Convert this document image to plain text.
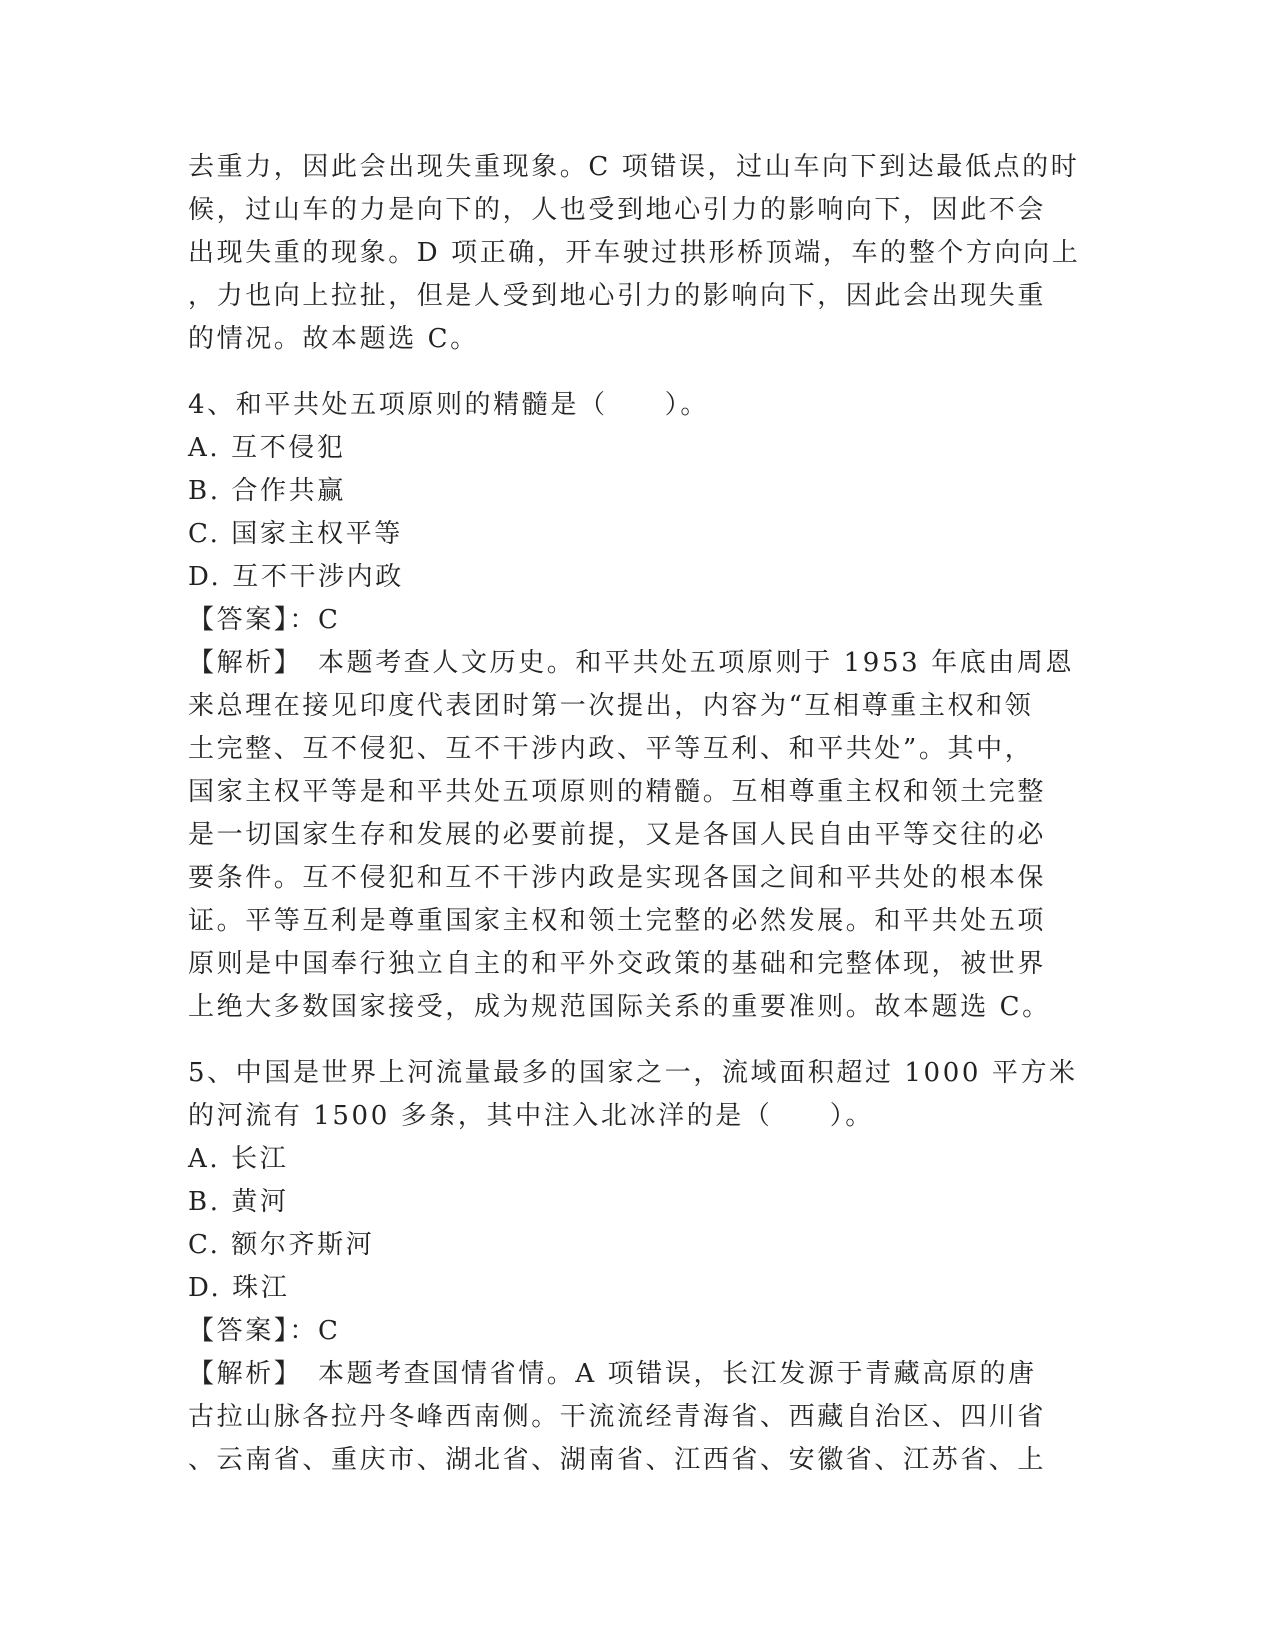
去重力，因此会出现失重现象。C 项错误，过山车向下到达最低点的时

候，过山车的力是向下的，人也受到地心引力的影响向下，因此不会

出现失重的现象。D 项正确，开车驶过拱形桥顶端，车的整个方向向上

，力也向上拉扯，但是人受到地心引力的影响向下，因此会出现失重

的情况。故本题选 C。

4、和平共处五项原则的精髓是（　　）。

A. 互不侵犯

B. 合作共赢

C. 国家主权平等

D. 互不干涉内政

【答案】：C

【解析】　本题考查人文历史。和平共处五项原则于 1953 年底由周恩

来总理在接见印度代表团时第一次提出，内容为“互相尊重主权和领

土完整、互不侵犯、互不干涉内政、平等互利、和平共处”。其中，

国家主权平等是和平共处五项原则的精髓。互相尊重主权和领土完整

是一切国家生存和发展的必要前提，又是各国人民自由平等交往的必

要条件。互不侵犯和互不干涉内政是实现各国之间和平共处的根本保

证。平等互利是尊重国家主权和领土完整的必然发展。和平共处五项

原则是中国奉行独立自主的和平外交政策的基础和完整体现，被世界

上绝大多数国家接受，成为规范国际关系的重要准则。故本题选 C。

5、中国是世界上河流量最多的国家之一，流域面积超过 1000 平方米

的河流有 1500 多条，其中注入北冰洋的是（　　）。

A. 长江

B. 黄河

C. 额尔齐斯河

D. 珠江

【答案】：C

【解析】　本题考查国情省情。A 项错误，长江发源于青藏高原的唐

古拉山脉各拉丹冬峰西南侧。干流流经青海省、西藏自治区、四川省

、云南省、重庆市、湖北省、湖南省、江西省、安徽省、江苏省、上
